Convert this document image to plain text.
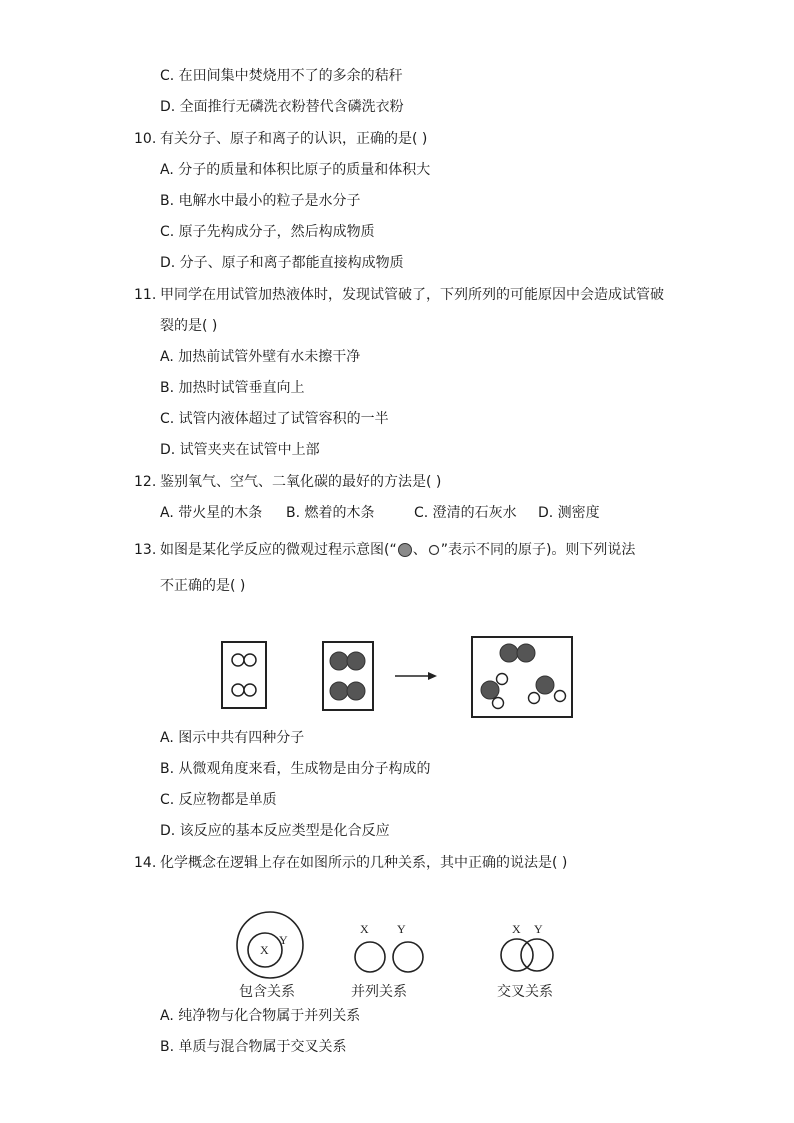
C. 在田间集中焚烧用不了的多余的秸秆
D. 全面推行无磷洗衣粉替代含磷洗衣粉
10. 有关分子、原子和离子的认识，正确的是( )
A. 分子的质量和体积比原子的质量和体积大
B. 电解水中最小的粒子是水分子
C. 原子先构成分子，然后构成物质
D. 分子、原子和离子都能直接构成物质
11. 甲同学在用试管加热液体时，发现试管破了，下列所列的可能原因中会造成试管破
裂的是( )
A. 加热前试管外壁有水未擦干净
B. 加热时试管垂直向上
C. 试管内液体超过了试管容积的一半
D. 试管夹夹在试管中上部
12. 鉴别氧气、空气、二氧化碳的最好的方法是( )
A. 带火星的木条 B. 燃着的木条	C. 澄清的石灰水 D. 测密度
13. 如图是某化学反应的微观过程示意图(“ 、 ”表示不同的原子)。则下列说法
不正确的是( )
A. 图示中共有四种分子
B. 从微观角度来看，生成物是由分子构成的
C. 反应物都是单质
D. 该反应的基本反应类型是化合反应
14. 化学概念在逻辑上存在如图所示的几种关系，其中正确的说法是( )
X
Y
X Y	X Y
包含关系	并列关系	交叉关系
A. 纯净物与化合物属于并列关系
B. 单质与混合物属于交叉关系
